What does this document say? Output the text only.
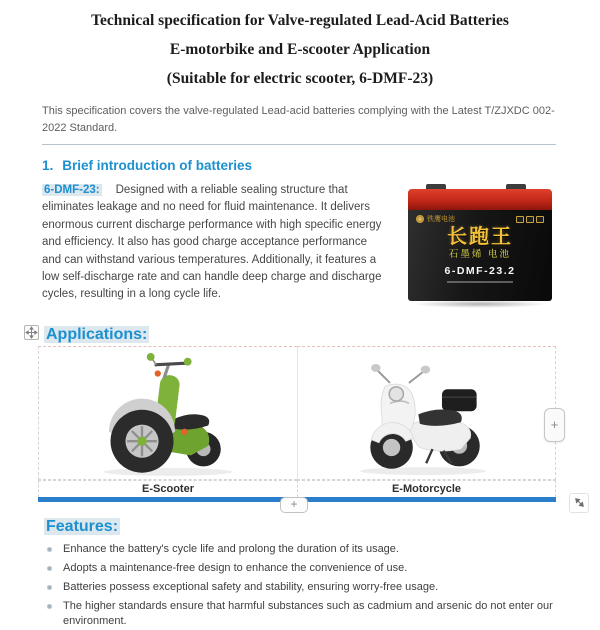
Technical specification for Valve-regulated Lead-Acid Batteries
E-motorbike and E-scooter Application
(Suitable for electric scooter, 6-DMF-23)

This specification covers the valve-regulated Lead-acid batteries complying with the Latest T/ZJXDC 002-2022 Standard.

1. Brief introduction of batteries
铁鹰电池
长跑王
石墨烯 电池
6-DMF-23.2

6-DMF-23: Designed with a reliable sealing structure that eliminates leakage and no need for fluid maintenance. It delivers enormous current discharge performance with high specific energy and efficiency. It also has good charge acceptance performance and can withstand various temperatures. Additionally, it features a low self-discharge rate and can handle deep charge and discharge cycles, resulting in a long cycle life.

Applications:
E-Scooter	E-Motorcycle
+
+
Features:
Enhance the battery's cycle life and prolong the duration of its usage.
Adopts a maintenance-free design to enhance the convenience of use.
Batteries possess exceptional safety and stability, ensuring worry-free usage.
The higher standards ensure that harmful substances such as cadmium and arsenic do not enter our environment.
